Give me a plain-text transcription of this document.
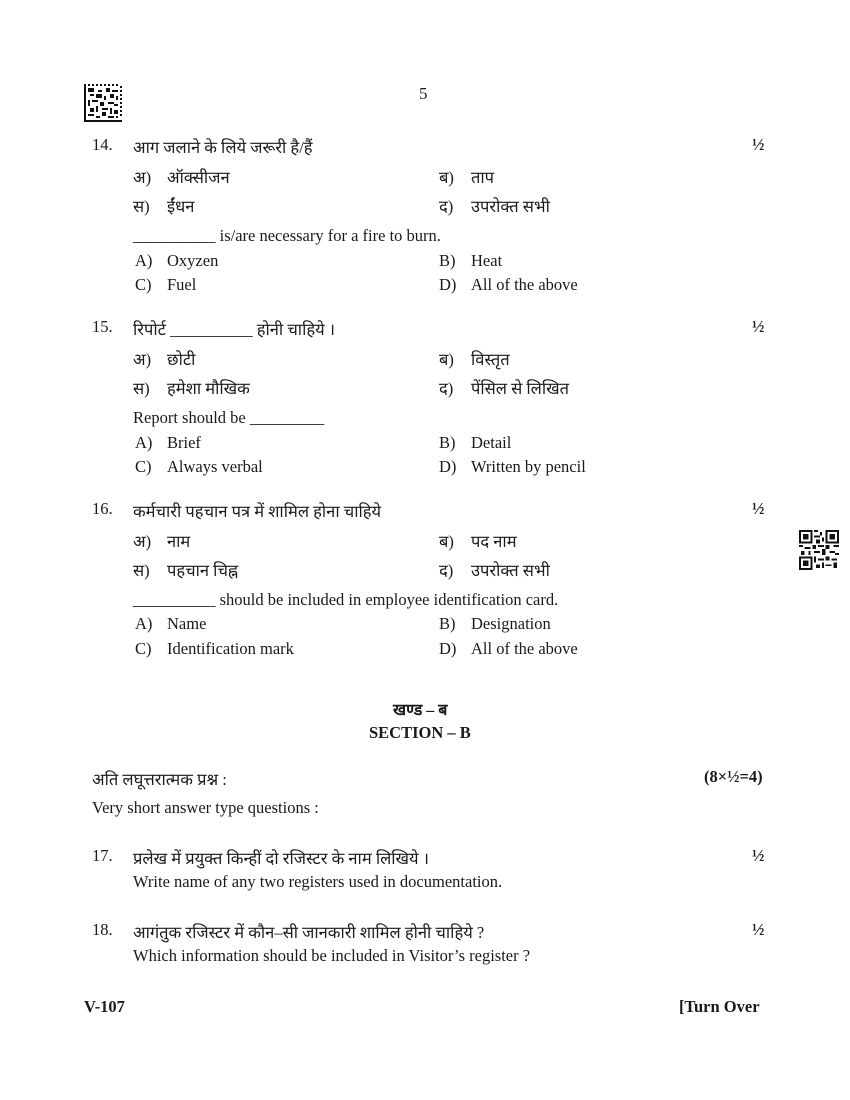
5
14. आग जलाने के लिये जरूरी है/हैं	½
अ) ऑक्सीजन	ब) ताप
स) ईंधन	द) उपरोक्त सभी
__________ is/are necessary for a fire to burn.
A) Oxyzen	B) Heat
C) Fuel	D) All of the above
15. रिपोर्ट __________ होनी चाहिये ।	½
अ) छोटी	ब) विस्तृत
स) हमेशा मौखिक	द) पेंसिल से लिखित
Report should be _________
A) Brief	B) Detail
C) Always verbal	D) Written by pencil
16. कर्मचारी पहचान पत्र में शामिल होना चाहिये	½
अ) नाम	ब) पद नाम
स) पहचान चिह्न	द) उपरोक्त सभी
__________ should be included in employee identification card.
A) Name	B) Designation
C) Identification mark	D) All of the above
खण्ड – ब
SECTION – B
अति लघूत्तरात्मक प्रश्न :	(8×½=4)
Very short answer type questions :
17. प्रलेख में प्रयुक्त किन्हीं दो रजिस्टर के नाम लिखिये ।	½
Write name of any two registers used in documentation.
18. आगंतुक रजिस्टर में कौन–सी जानकारी शामिल होनी चाहिये ?	½
Which information should be included in Visitor’s register ?
V-107	[Turn Over
